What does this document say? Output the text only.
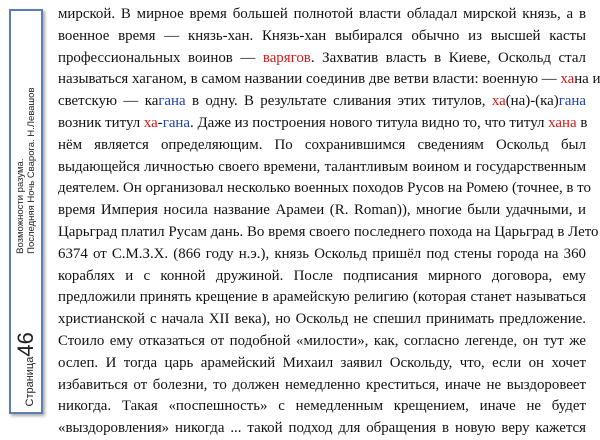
Страница
46
Возможности разума. Последняя Ночь Сварога. Н.Левашов
мирской. В мирное время большей полнотой власти обладал мирской князь, а в
военное время — князь-хан. Князь-хан выбирался обычно из высшей касты
профессиональных воинов — варягов. Захватив власть в Киеве, Оскольд стал
называться хаганом, в самом названии соединив две ветви власти: военную — хана и
светскую — кагана в одну. В результате сливания этих титулов, ха(на)-(ка)гана
возник титул ха-гана. Даже из построения нового титула видно то, что титул хана в
нём является определяющим. По сохранившимся сведениям Оскольд был
выдающейся личностью своего времени, талантливым воином и государственным
деятелем. Он организовал несколько военных походов Русов на Ромею (точнее, в то
время Империя носила название Арамеи (R. Roman)), многие были удачными, и
Царьград платил Русам дань. Во время своего последнего похода на Царьград в Лето
6374 от С.М.З.Х. (866 году н.э.), князь Оскольд пришёл под стены города на 360
кораблях и с конной дружиной. После подписания мирного договора, ему
предложили принять крещение в арамейскую религию (которая станет называться
христианской с начала XII века), но Оскольд не спешил принимать предложение.
Стоило ему отказаться от подобной «милости», как, согласно легенде, он тут же
ослеп. И тогда царь арамейский Михаил заявил Оскольду, что, если он хочет
избавиться от болезни, то должен немедленно креститься, иначе не выздоровеет
никогда. Такая «поспешность» с немедленным крещением, иначе не будет
«выздоровления» никогда ... такой подход для обращения в новую веру кажется
